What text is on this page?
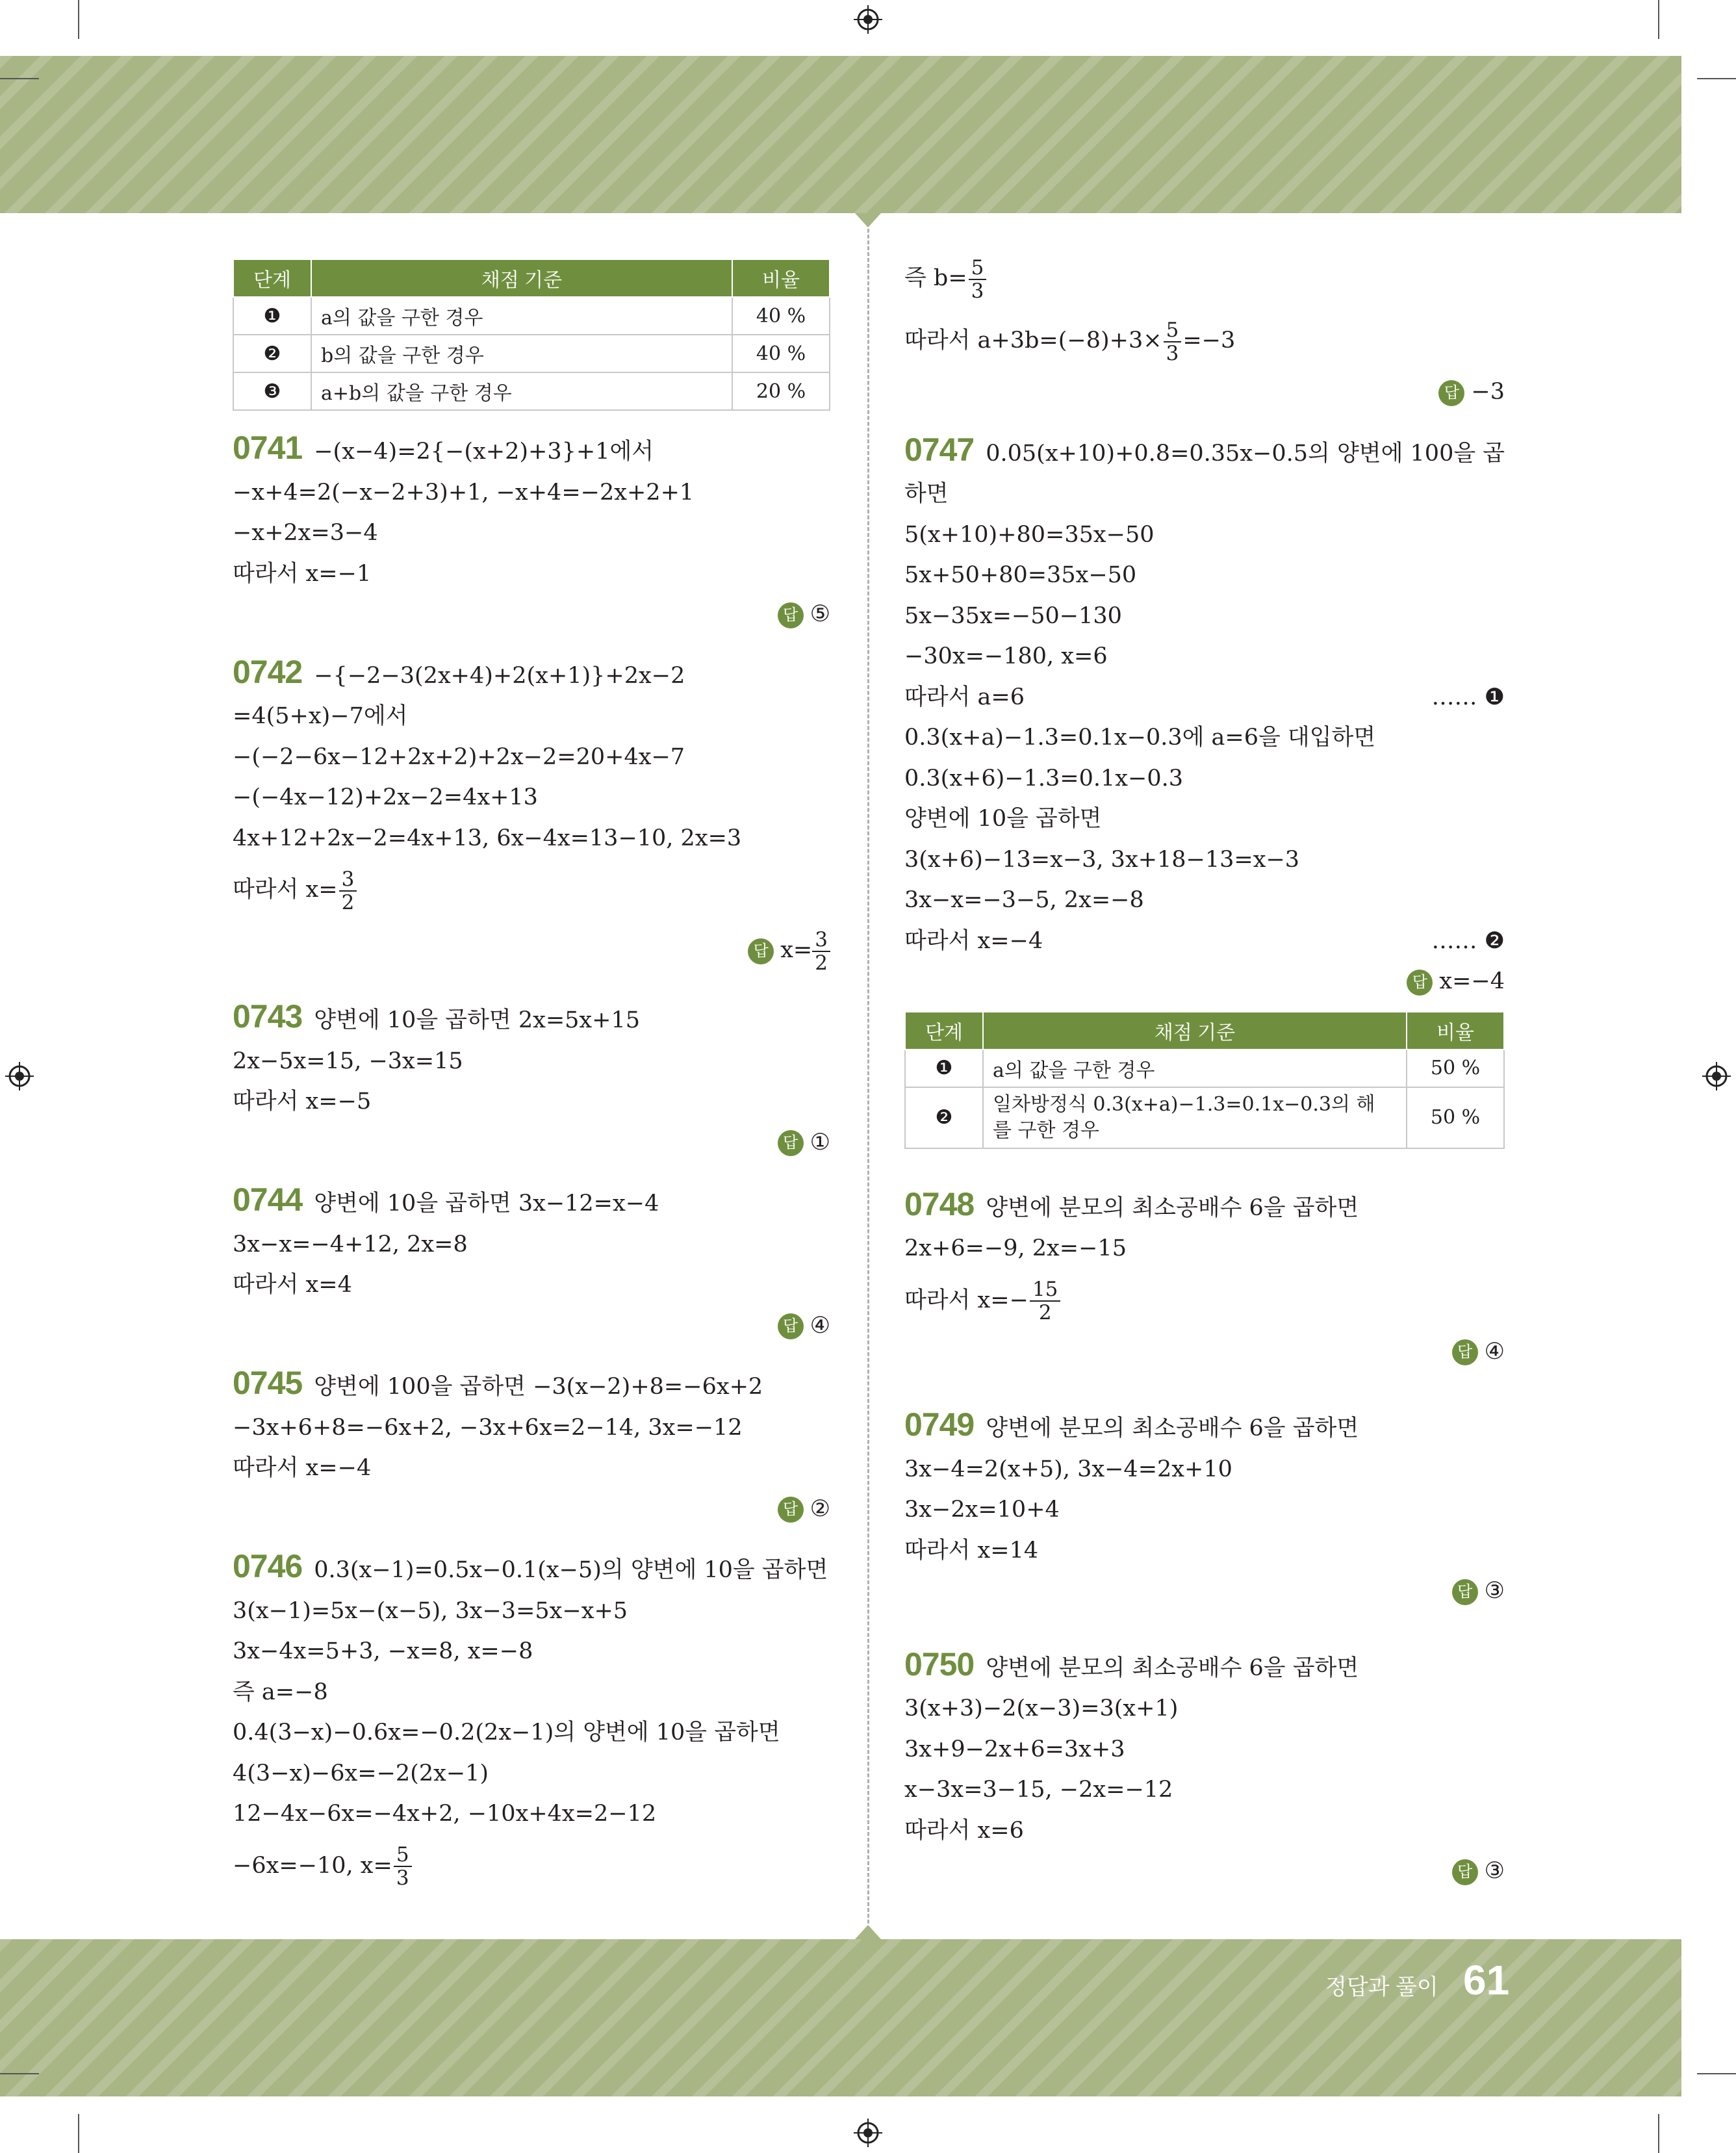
정답과 풀이 61
단계	채점 기준	비율
❶	a의 값을 구한 경우	40 %
❷	b의 값을 구한 경우	40 %
❸	a+b의 값을 구한 경우	20 %
0741 −(x−4)=2{−(x+2)+3}+1에서
−x+4=2(−x−2+3)+1, −x+4=−2x+2+1
−x+2x=3−4
따라서 x=−1
답 ⑤
0742 −{−2−3(2x+4)+2(x+1)}+2x−2
=4(5+x)−7에서
−(−2−6x−12+2x+2)+2x−2=20+4x−7
−(−4x−12)+2x−2=4x+13
4x+12+2x−2=4x+13, 6x−4x=13−10, 2x=3
따라서 $x= \frac{3}{2}$
답 $x= \frac{3}{2}$
0743 양변에 10을 곱하면 2x=5x+15
2x−5x=15, −3x=15
따라서 x=−5
답 ①
0744 양변에 10을 곱하면 3x−12=x−4
3x−x=−4+12, 2x=8
따라서 x=4
답 ④
0745 양변에 100을 곱하면 −3(x−2)+8=−6x+2
−3x+6+8=−6x+2, −3x+6x=2−14, 3x=−12
따라서 x=−4
답 ②
0746 0.3(x−1)=0.5x−0.1(x−5)의 양변에 10을 곱하면
3(x−1)=5x−(x−5), 3x−3=5x−x+5
3x−4x=5+3, −x=8, x=−8
즉 a=−8
0.4(3−x)−0.6x=−0.2(2x−1)의 양변에 10을 곱하면
4(3−x)−6x=−2(2x−1)
12−4x−6x=−4x+2, −10x+4x=2−12
−6x=−10, $x= \frac{5}{3}$
즉 $b= \frac{5}{3}$
따라서 $a+3b=(-8)+3\times \frac{5}{3} =-3$
답 −3
0747 0.05(x+10)+0.8=0.35x−0.5의 양변에 100을 곱
하면
5(x+10)+80=35x−50
5x+50+80=35x−50
5x−35x=−50−130
−30x=−180, x=6
따라서 a=6	…… ❶
0.3(x+a)−1.3=0.1x−0.3에 a=6을 대입하면
0.3(x+6)−1.3=0.1x−0.3
양변에 10을 곱하면
3(x+6)−13=x−3, 3x+18−13=x−3
3x−x=−3−5, 2x=−8
따라서 x=−4	…… ❷
답 x=−4
단계	채점 기준	비율
❶	a의 값을 구한 경우	50 %
❷	일차방정식 0.3(x+a)−1.3=0.1x−0.3의 해
를 구한 경우	50 %
0748 양변에 분모의 최소공배수 6을 곱하면
2x+6=−9, 2x=−15
따라서 $x=- \frac{15}{2}$
답 ④
0749 양변에 분모의 최소공배수 6을 곱하면
3x−4=2(x+5), 3x−4=2x+10
3x−2x=10+4
따라서 x=14
답 ③
0750 양변에 분모의 최소공배수 6을 곱하면
3(x+3)−2(x−3)=3(x+1)
3x+9−2x+6=3x+3
x−3x=3−15, −2x=−12
따라서 x=6
답 ③
